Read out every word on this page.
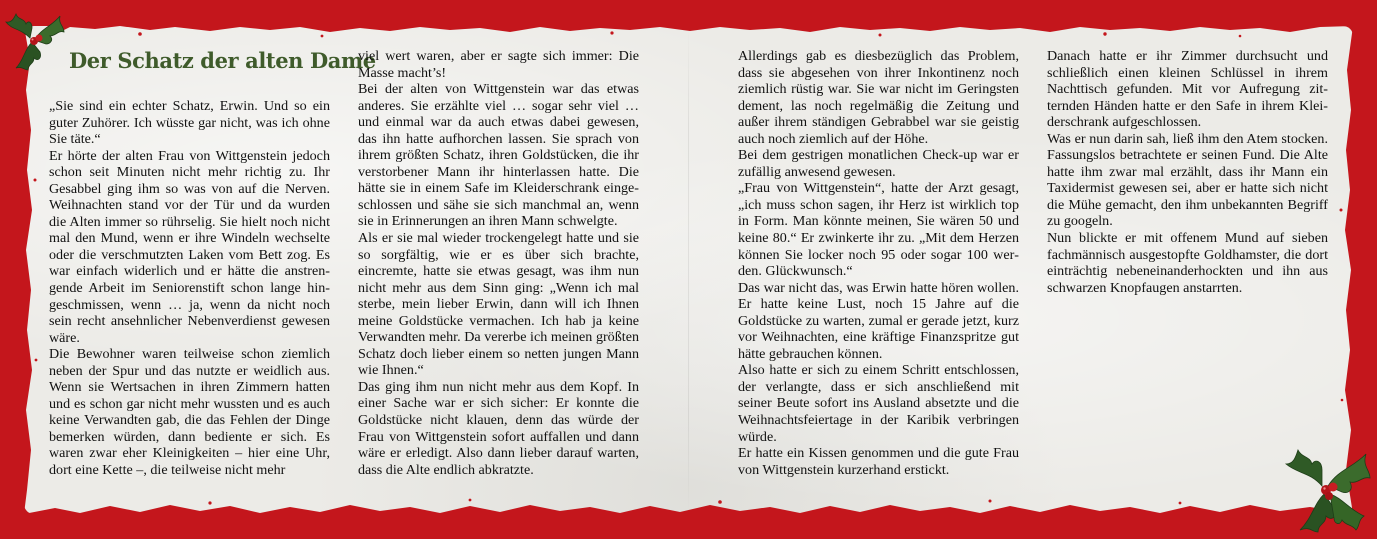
Der Schatz der alten Dame

„Sie sind ein echter Schatz, Erwin. Und so ein guter Zuhörer. Ich wüsste gar nicht, was ich ohne Sie täte.“

Er hörte der alten Frau von Wittgenstein jedoch schon seit Minuten nicht mehr richtig zu. Ihr Gesabbel ging ihm so was von auf die Nerven. Weihnachten stand vor der Tür und da wurden die Alten immer so rührselig. Sie hielt noch nicht mal den Mund, wenn er ihre Windeln wechselte oder die verschmutzten Laken vom Bett zog. Es war einfach widerlich und er hätte die anstrengende Arbeit im Seniorenstift schon lange hingeschmissen, wenn … ja, wenn da nicht noch sein recht ansehnlicher Nebenverdienst gewesen wäre.

Die Bewohner waren teilweise schon ziemlich neben der Spur und das nutzte er weidlich aus. Wenn sie Wertsachen in ihren Zimmern hatten und es schon gar nicht mehr wussten und es auch keine Verwandten gab, die das Fehlen der Dinge bemerken würden, dann bediente er sich. Es waren zwar eher Kleinigkeiten – hier eine Uhr, dort eine Kette –, die teilweise nicht mehr

viel wert waren, aber er sagte sich immer: Die Masse macht’s!

Bei der alten von Wittgenstein war das etwas anderes. Sie erzählte viel … sogar sehr viel … und einmal war da auch etwas dabei gewesen, das ihn hatte aufhorchen lassen. Sie sprach von ihrem größten Schatz, ihren Goldstücken, die ihr verstorbener Mann ihr hinterlassen hatte. Die hätte sie in einem Safe im Kleiderschrank eingeschlossen und sähe sie sich manchmal an, wenn sie in Erinnerungen an ihren Mann schwelgte.

Als er sie mal wieder trockengelegt hatte und sie so sorgfältig, wie er es über sich brachte, eincremte, hatte sie etwas gesagt, was ihm nun nicht mehr aus dem Sinn ging: „Wenn ich mal sterbe, mein lieber Erwin, dann will ich Ihnen meine Goldstücke vermachen. Ich hab ja keine Verwandten mehr. Da vererbe ich meinen größten Schatz doch lieber einem so netten jungen Mann wie Ihnen.“

Das ging ihm nun nicht mehr aus dem Kopf. In einer Sache war er sich sicher: Er konnte die Goldstücke nicht klauen, denn das würde der Frau von Wittgenstein sofort auffallen und dann wäre er erledigt. Also dann lieber darauf warten, dass die Alte endlich abkratzte.

Allerdings gab es diesbezüglich das Problem, dass sie abgesehen von ihrer Inkontinenz noch ziemlich rüstig war. Sie war nicht im Geringsten dement, las noch regelmäßig die Zeitung und außer ihrem ständigen Gebrabbel war sie geistig auch noch ziemlich auf der Höhe.

Bei dem gestrigen monatlichen Check-up war er zufällig anwesend gewesen.

„Frau von Wittgenstein“, hatte der Arzt gesagt, „ich muss schon sagen, ihr Herz ist wirklich top in Form. Man könnte meinen, Sie wären 50 und keine 80.“ Er zwinkerte ihr zu. „Mit dem Herzen können Sie locker noch 95 oder sogar 100 werden. Glückwunsch.“

Das war nicht das, was Erwin hatte hören wollen. Er hatte keine Lust, noch 15 Jahre auf die Goldstücke zu warten, zumal er gerade jetzt, kurz vor Weihnachten, eine kräftige Finanzspritze gut hätte gebrauchen können.

Also hatte er sich zu einem Schritt entschlossen, der verlangte, dass er sich anschließend mit seiner Beute sofort ins Ausland absetzte und die Weihnachtsfeiertage in der Karibik verbringen würde.

Er hatte ein Kissen genommen und die gute Frau von Wittgenstein kurzerhand erstickt.

Danach hatte er ihr Zimmer durchsucht und schließlich einen kleinen Schlüssel in ihrem Nachttisch gefunden. Mit vor Aufregung zitternden Händen hatte er den Safe in ihrem Kleiderschrank aufgeschlossen.

Was er nun darin sah, ließ ihm den Atem stocken. Fassungslos betrachtete er seinen Fund. Die Alte hatte ihm zwar mal erzählt, dass ihr Mann ein Taxidermist gewesen sei, aber er hatte sich nicht die Mühe gemacht, den ihm unbekannten Begriff zu googeln.

Nun blickte er mit offenem Mund auf sieben fachmännisch ausgestopfte Goldhamster, die dort einträchtig nebeneinanderhockten und ihn aus schwarzen Knopfaugen anstarrten.
